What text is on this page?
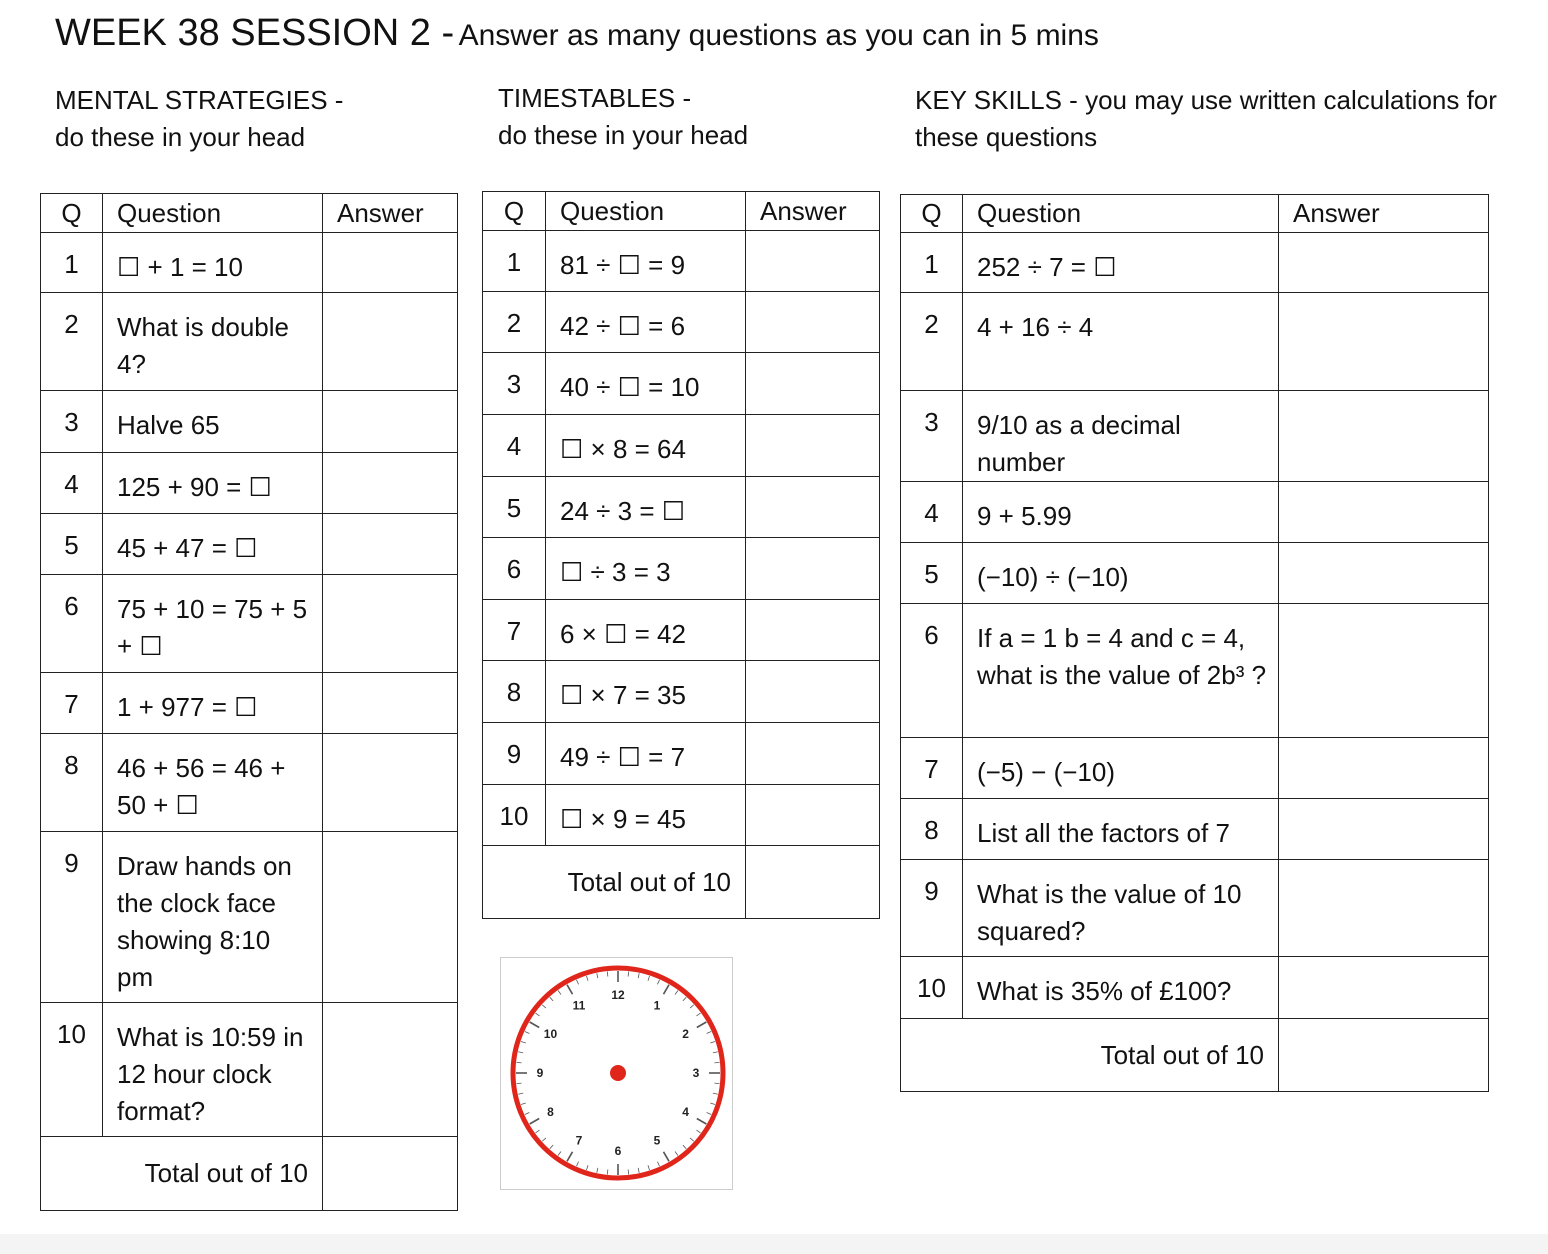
WEEK 38 SESSION 2 - Answer as many questions as you can in 5 mins
MENTAL STRATEGIES -
do these in your head
TIMESTABLES -
do these in your head
KEY SKILLS - you may use written calculations for
these questions
Q	Question	Answer
1	☐ + 1 = 10	
2	What is double 4?	
3	Halve 65	
4	125 + 90 = ☐	
5	45 + 47 = ☐	
6	75 + 10 = 75 + 5 + ☐	
7	1 + 977 = ☐	
8	46 + 56 = 46 + 50 + ☐	
9	Draw hands on the clock face showing 8:10 pm	
10	What is 10:59 in 12 hour clock format?	
Total out of 10		
Q	Question	Answer
1	81 ÷ ☐ = 9	
2	42 ÷ ☐ = 6	
3	40 ÷ ☐ = 10	
4	☐ × 8 = 64	
5	24 ÷ 3 = ☐	
6	☐ ÷ 3 = 3	
7	6 × ☐ = 42	
8	☐ × 7 = 35	
9	49 ÷ ☐ = 7	
10	☐ × 9 = 45	
Total out of 10		
Q	Question	Answer
1	252 ÷ 7 = ☐	
2	4 + 16 ÷ 4	
3	9/10 as a decimal number	
4	9 + 5.99	
5	(−10) ÷ (−10)	
6	If a = 1 b = 4 and c = 4, what is the value of 2b³ ?	
7	(−5) − (−10)	
8	List all the factors of 7	
9	What is the value of 10 squared?	
10	What is 35% of £100?	
Total out of 10		
12
1
2
3
4
5
6
7
8
9
10
11
